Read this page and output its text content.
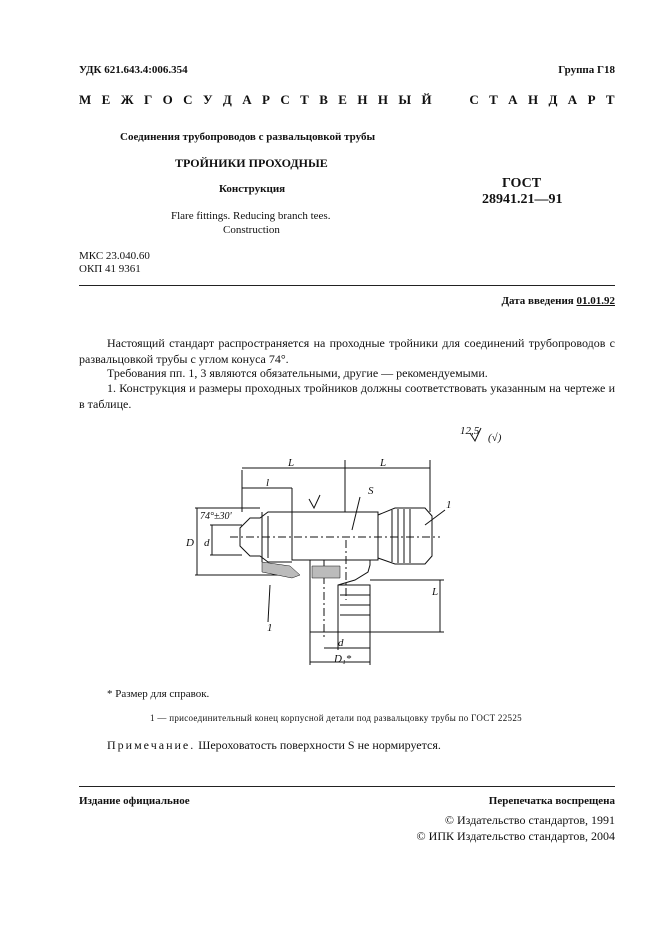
УДК 621.643.4:006.354	Группа Г18
М Е Ж Г О С У Д А Р С Т В Е Н Н Ы Й

	С Т А Н Д А Р Т
Соединения трубопроводов с развальцовкой трубы
ТРОЙНИКИ ПРОХОДНЫЕ
Конструкция	ГОСТ
28941.21—91
Flare fittings. Reducing branch tees.
Construction
МКС 23.040.60
ОКП 41 9361
Дата введения 01.01.92
Настоящий стандарт распространяется на проходные тройники для соединений трубопроводов с развальцовкой трубы с углом конуса 74°.
Требования пп. 1, 3 являются обязательными, другие — рекомендуемыми.
1. Конструкция и размеры проходных тройников должны соответствовать указанным на чертеже и в таблице.
12,5
(√)
L	L
l
S
1
1
74°±30'
D d
L
d
D₁*
* Размер для справок.
1 — присоединительный конец корпусной детали под развальцовку трубы по ГОСТ 22525
Примечание. Шероховатость поверхности S не нормируется.
Издание официальное	Перепечатка воспрещена
© Издательство стандартов, 1991
© ИПК Издательство стандартов, 2004
